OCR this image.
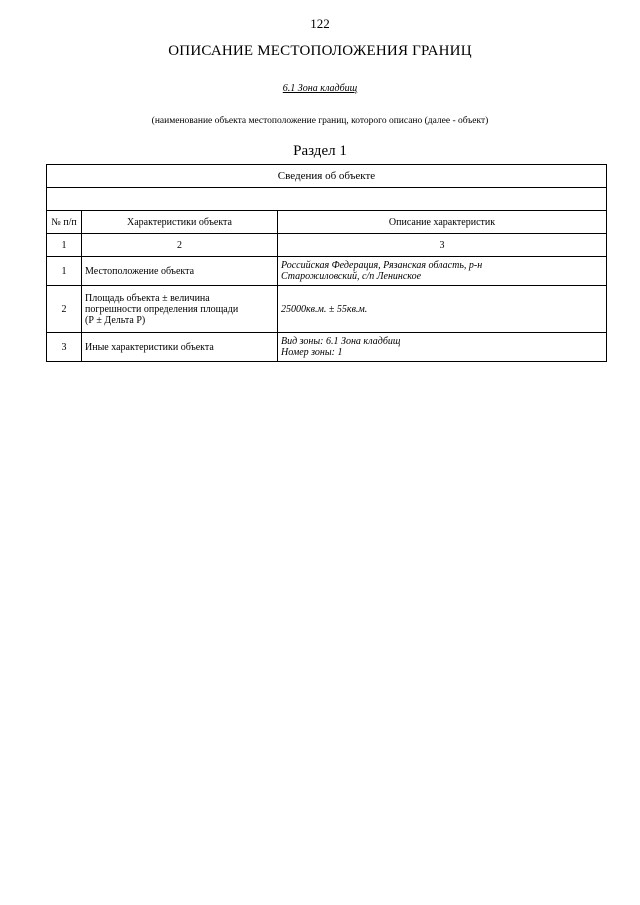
122
ОПИСАНИЕ МЕСТОПОЛОЖЕНИЯ ГРАНИЦ
6.1 Зона кладбищ
(наименование объекта местоположение границ, которого описано (далее - объект)
Раздел 1
Сведения об объекте		

№ п/п	Характеристики объекта	Описание характеристик
1	2	3
1	Местоположение объекта	Российская Федерация, Рязанская область, р-н
Старожиловский, с/п Ленинское

2	Площадь объекта ± величина
погрешности определения площади
(Р ± Дельта Р)	25000кв.м. ± 55кв.м.
3	Иные характеристики объекта	Вид зоны: 6.1 Зона кладбищ
Номер зоны: 1
